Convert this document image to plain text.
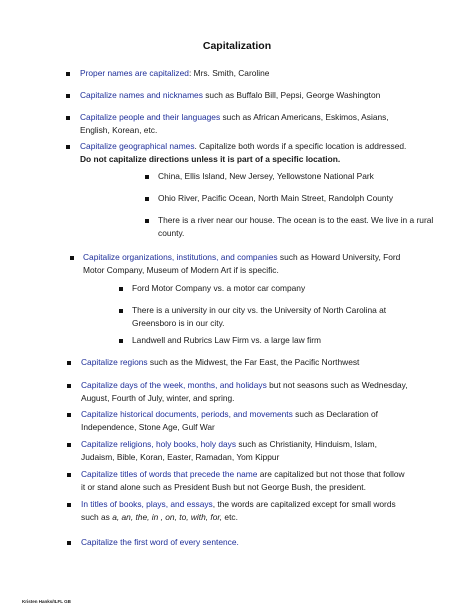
Capitalization
Proper names are capitalized: Mrs. Smith, Caroline
Capitalize names and nicknames such as Buffalo Bill, Pepsi, George Washington
Capitalize people and their languages such as African Americans, Eskimos, Asians,
English, Korean, etc.
Capitalize geographical names. Capitalize both words if a specific location is addressed.
Do not capitalize directions unless it is part of a specific location.
China, Ellis Island, New Jersey, Yellowstone National Park
Ohio River, Pacific Ocean, North Main Street, Randolph County
There is a river near our house. The ocean is to the east. We live in a rural
county.
Capitalize organizations, institutions, and companies such as Howard University, Ford
Motor Company, Museum of Modern Art if is specific.
Ford Motor Company vs. a motor car company
There is a university in our city vs. the University of North Carolina at
Greensboro is in our city.
Landwell and Rubrics Law Firm vs. a large law firm
Capitalize regions such as the Midwest, the Far East, the Pacific Northwest
Capitalize days of the week, months, and holidays but not seasons such as Wednesday,
August, Fourth of July, winter, and spring.
Capitalize historical documents, periods, and movements such as Declaration of
Independence, Stone Age, Gulf War
Capitalize religions, holy books, holy days such as Christianity, Hinduism, Islam,
Judaism, Bible, Koran, Easter, Ramadan, Yom Kippur
Capitalize titles of words that precede the name are capitalized but not those that follow
it or stand alone such as President Bush but not George Bush, the president.
In titles of books, plays, and essays, the words are capitalized except for small words
such as a, an, the, in , on, to, with, for, etc.
Capitalize the first word of every sentence.
Kristen Hanks/ILFL GB
